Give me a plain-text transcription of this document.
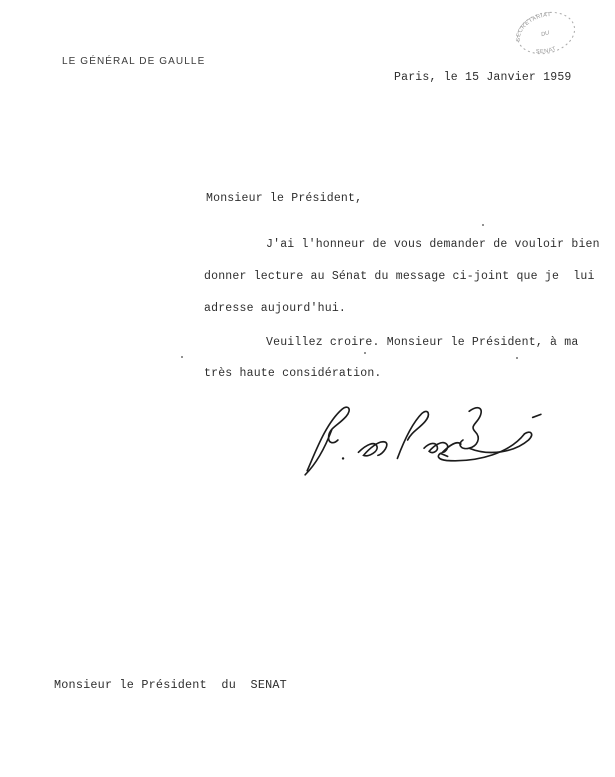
LE GÉNÉRAL DE GAULLE
SECRETARIAT
DU
SENAT
Paris, le 15 Janvier 1959
Monsieur le Président,
J'ai l'honneur de vous demander de vouloir bien
donner lecture au Sénat du message ci-joint que je  lui
adresse aujourd'hui.
Veuillez croire. Monsieur le Président, à ma
très haute considération.
Monsieur le Président  du  SENAT
